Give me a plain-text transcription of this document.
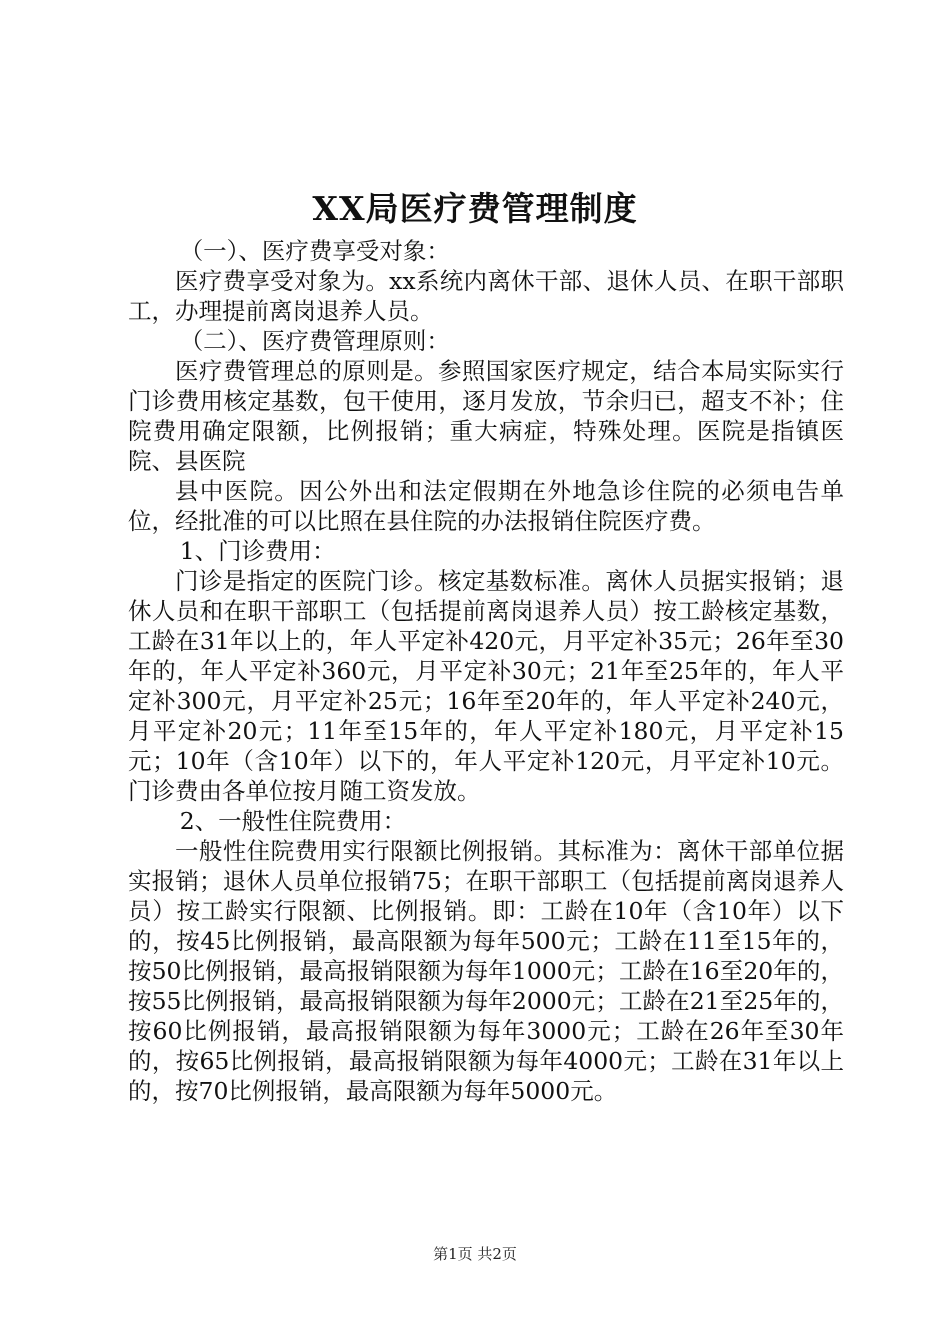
XX局医疗费管理制度

（一）、医疗费享受对象：

医疗费享受对象为。xx系统内离休干部、退休人员、在职干部职工，办理提前离岗退养人员。

（二）、医疗费管理原则：

医疗费管理总的原则是。参照国家医疗规定，结合本局实际实行门诊费用核定基数，包干使用，逐月发放，节余归已，超支不补；住院费用确定限额，比例报销；重大病症，特殊处理。医院是指镇医院、县医院

县中医院。因公外出和法定假期在外地急诊住院的必须电告单位，经批准的可以比照在县住院的办法报销住院医疗费。

1、门诊费用：

门诊是指定的医院门诊。核定基数标准。离休人员据实报销；退休人员和在职干部职工（包括提前离岗退养人员）按工龄核定基数，工龄在31年以上的，年人平定补420元，月平定补35元；26年至30年的，年人平定补360元，月平定补30元；21年至25年的，年人平定补300元，月平定补25元；16年至20年的，年人平定补240元，月平定补20元；11年至15年的，年人平定补180元，月平定补15元；10年（含10年）以下的，年人平定补120元，月平定补10元。门诊费由各单位按月随工资发放。

2、一般性住院费用：

一般性住院费用实行限额比例报销。其标准为：离休干部单位据实报销；退休人员单位报销75；在职干部职工（包括提前离岗退养人员）按工龄实行限额、比例报销。即：工龄在10年（含10年）以下的，按45比例报销，最高限额为每年500元；工龄在11至15年的，按50比例报销，最高报销限额为每年1000元；工龄在16至20年的，按55比例报销，最高报销限额为每年2000元；工龄在21至25年的，按60比例报销，最高报销限额为每年3000元；工龄在26年至30年的，按65比例报销，最高报销限额为每年4000元；工龄在31年以上的，按70比例报销，最高限额为每年5000元。

第1页 共2页
